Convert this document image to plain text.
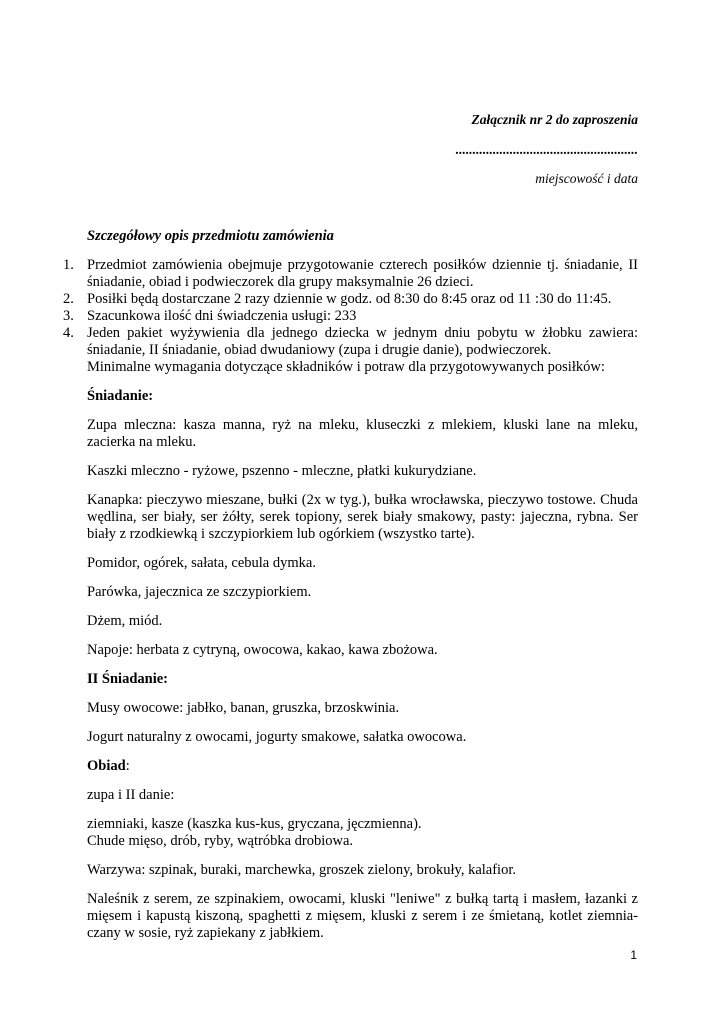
Załącznik nr 2 do zaproszenia
......................................................
miejscowość i data
Szczegółowy opis przedmiotu zamówienia
1. Przedmiot zamówienia obejmuje przygotowanie czterech posiłków dziennie tj. śniadanie, II śniadanie, obiad i podwieczorek dla grupy maksymalnie 26 dzieci.
2. Posiłki będą dostarczane 2 razy dziennie w godz. od 8:30 do 8:45 oraz od 11 :30 do 11:45.
3. Szacunkowa ilość dni świadczenia usługi: 233
4. Jeden pakiet wyżywienia dla jednego dziecka w jednym dniu pobytu w żłobku zawiera: śniadanie, II śniadanie, obiad dwudaniowy (zupa i drugie danie), podwieczorek.
Minimalne wymagania dotyczące składników i potraw dla przygotowywanych posiłków:
Śniadanie:

Zupa mleczna: kasza manna, ryż na mleku, kluseczki z mlekiem, kluski lane na mleku, zacierka na mleku.

Kaszki mleczno - ryżowe, pszenno - mleczne, płatki kukurydziane.

Kanapka: pieczywo mieszane, bułki (2x w tyg.), bułka wrocławska, pieczywo tostowe. Chuda wędlina, ser biały, ser żółty, serek topiony, serek biały smakowy, pasty: jajeczna, rybna. Ser biały z rzodkiewką i szczypiorkiem lub ogórkiem (wszystko tarte).

Pomidor, ogórek, sałata, cebula dymka.

Parówka, jajecznica ze szczypiorkiem.

Dżem, miód.

Napoje: herbata z cytryną, owocowa, kakao, kawa zbożowa.

II Śniadanie:

Musy owocowe: jabłko, banan, gruszka, brzoskwinia.

Jogurt naturalny z owocami, jogurty smakowe, sałatka owocowa.

Obiad:

zupa i II danie:

ziemniaki, kasze (kaszka kus-kus, gryczana, jęczmienna).
Chude mięso, drób, ryby, wątróbka drobiowa.

Warzywa: szpinak, buraki, marchewka, groszek zielony, brokuły, kalafior.

Naleśnik z serem, ze szpinakiem, owocami, kluski "leniwe" z bułką tartą i masłem, łazanki z mięsem i kapustą kiszoną, spaghetti z mięsem, kluski z serem i ze śmietaną, kotlet ziemnia-czany w sosie, ryż zapiekany z jabłkiem.

1
